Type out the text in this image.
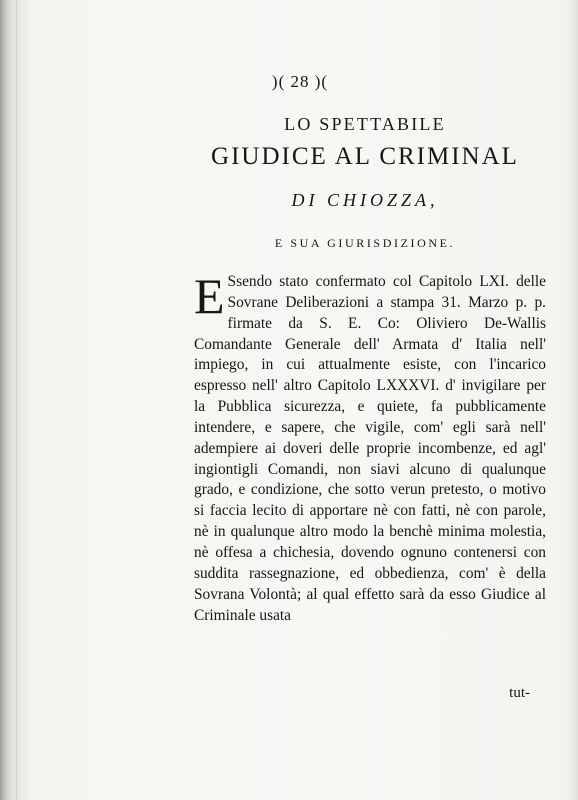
)( 28 )(
LO SPETTABILE
GIUDICE AL CRIMINAL
DI CHIOZZA,
E SUA GIURISDIZIONE.
E Ssendo stato confermato col Capitolo LXI. delle Sovrane Deliberazioni a stampa 31. Marzo p. p. firmate da S. E. Co: Oliviero De-Wallis Comandante Generale dell' Armata d' Italia nell' impiego, in cui attualmente esiste, con l'incarico espresso nell' altro Capitolo LXXXVI. d' invigilare per la Pubblica sicurezza, e quiete, fa pubblicamente intendere, e sapere, che vigile, com' egli sarà nell' adempiere ai doveri delle proprie incombenze, ed agl' ingiontigli Comandi, non siavi alcuno di qualunque grado, e condizione, che sotto verun pretesto, o motivo si faccia lecito di apportare nè con fatti, nè con parole, nè in qualunque altro modo la benchè minima molestia, nè offesa a chichesia, dovendo ognuno contenersi con suddita rassegnazione, ed obbedienza, com' è della Sovrana Volontà; al qual effetto sarà da esso Giudice al Criminale usata
tut-
